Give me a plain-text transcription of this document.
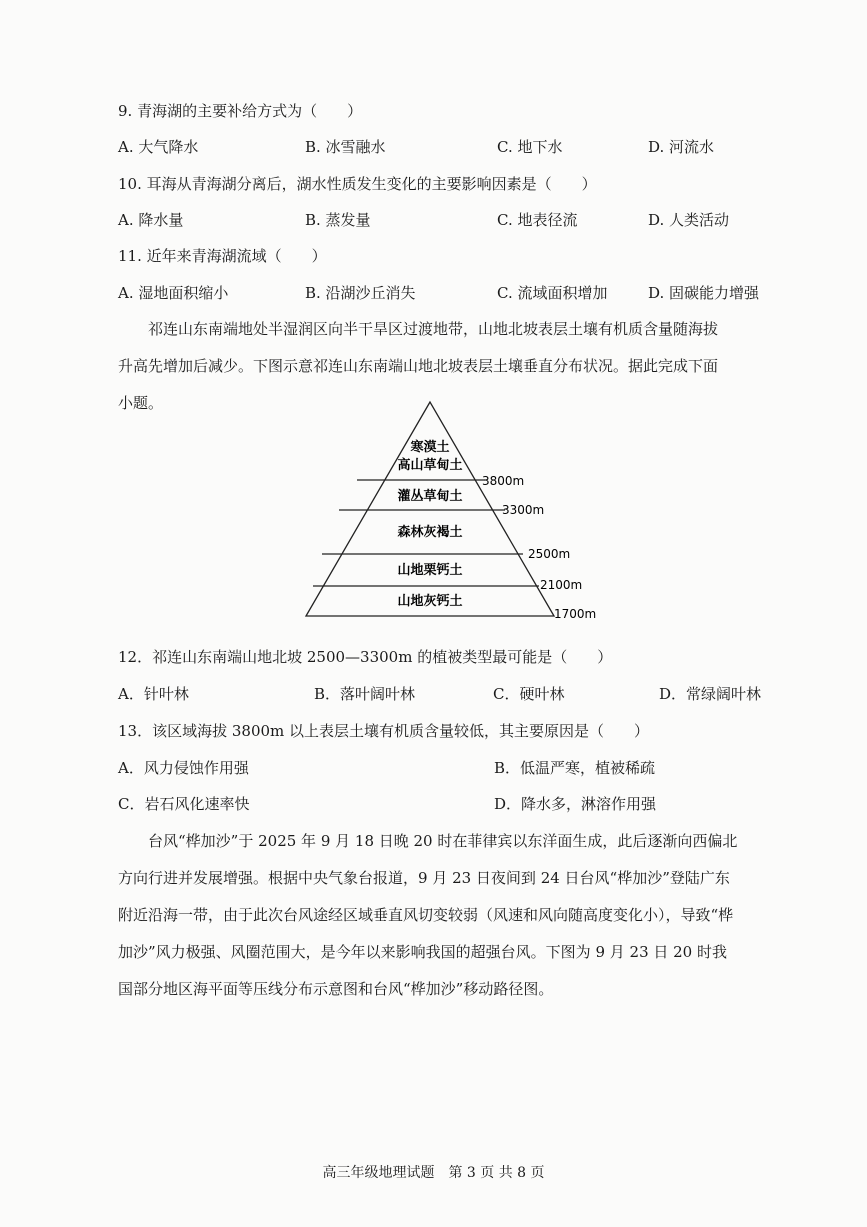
9. 青海湖的主要补给方式为（　　）
A. 大气降水	B. 冰雪融水	C. 地下水	D. 河流水
10. 耳海从青海湖分离后，湖水性质发生变化的主要影响因素是（　　）
A. 降水量	B. 蒸发量	C. 地表径流	D. 人类活动
11. 近年来青海湖流域（　　）
A. 湿地面积缩小	B. 沿湖沙丘消失	C. 流域面积增加	D. 固碳能力增强

祁连山东南端地处半湿润区向半干旱区过渡地带，山地北坡表层土壤有机质含量随海拔

升高先增加后减少。下图示意祁连山东南端山地北坡表层土壤垂直分布状况。据此完成下面

小题。

寒漠土
高山草甸土
灌丛草甸土
森林灰褐土
山地栗钙土
山地灰钙土
3800m
3300m
2500m
2100m
1700m
12．祁连山东南端山地北坡 2500—3300m 的植被类型最可能是（　　）
A．针叶林	B．落叶阔叶林	C．硬叶林	D．常绿阔叶林
13．该区域海拔 3800m 以上表层土壤有机质含量较低，其主要原因是（　　）
A．风力侵蚀作用强	B．低温严寒，植被稀疏
C．岩石风化速率快	D．降水多，淋溶作用强

台风“桦加沙”于 2025 年 9 月 18 日晚 20 时在菲律宾以东洋面生成，此后逐渐向西偏北

方向行进并发展增强。根据中央气象台报道，9 月 23 日夜间到 24 日台风“桦加沙”登陆广东

附近沿海一带，由于此次台风途经区域垂直风切变较弱（风速和风向随高度变化小），导致“桦

加沙”风力极强、风圈范围大，是今年以来影响我国的超强台风。下图为 9 月 23 日 20 时我

国部分地区海平面等压线分布示意图和台风“桦加沙”移动路径图。

高三年级地理试题　第 3 页 共 8 页
